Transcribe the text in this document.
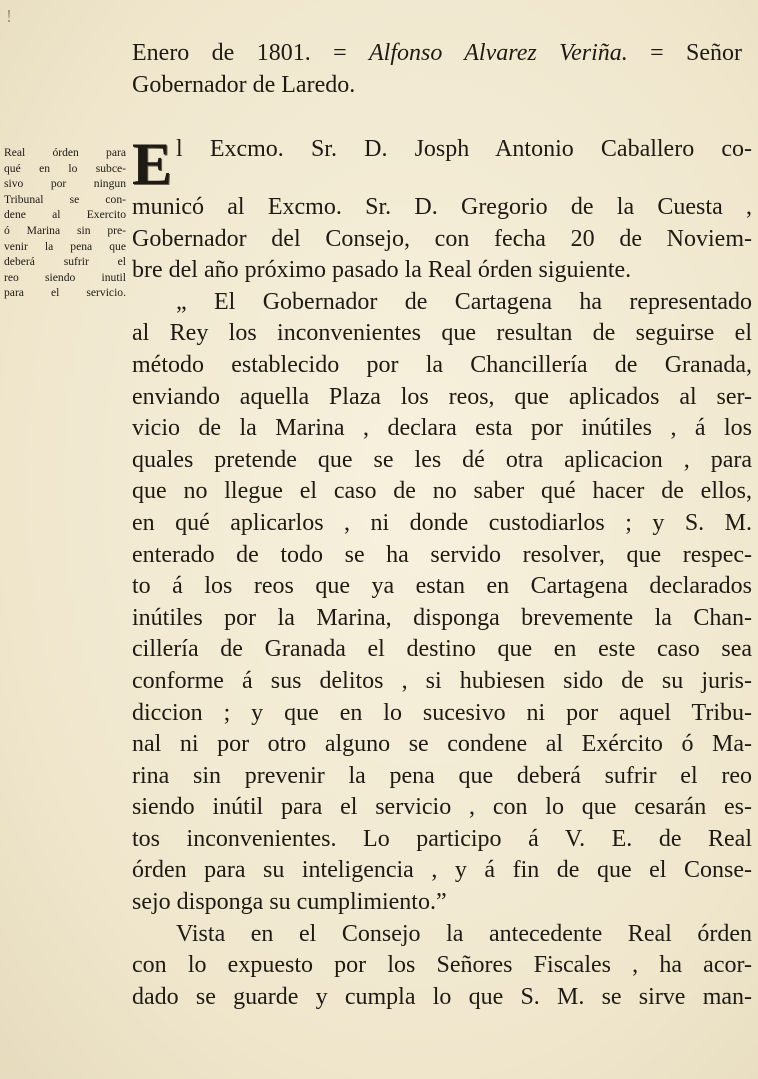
!
Enero de 1801. = Alfonso Alvarez Veriña. = Señor
Gobernador de Laredo.
Real órden para
qué en lo subce-
sivo por ningun
Tribunal se con-
dene al Exercito
ó Marina sin pre-
venir la pena que
deberá sufrir el
reo siendo inutil
para el servicio.
E l Excmo. Sr. D. Josph Antonio Caballero co-
municó al Excmo. Sr. D. Gregorio de la Cuesta ,
Gobernador del Consejo, con fecha 20 de Noviem-
bre del año próximo pasado la Real órden siguiente.
„ El Gobernador de Cartagena ha representado
al Rey los inconvenientes que resultan de seguirse el
método establecido por la Chancillería de Granada,
enviando aquella Plaza los reos, que aplicados al ser-
vicio de la Marina , declara esta por inútiles , á los
quales pretende que se les dé otra aplicacion , para
que no llegue el caso de no saber qué hacer de ellos,
en qué aplicarlos , ni donde custodiarlos ; y S. M.
enterado de todo se ha servido resolver, que respec-
to á los reos que ya estan en Cartagena declarados
inútiles por la Marina, disponga brevemente la Chan-
cillería de Granada el destino que en este caso sea
conforme á sus delitos , si hubiesen sido de su juris-
diccion ; y que en lo sucesivo ni por aquel Tribu-
nal ni por otro alguno se condene al Exército ó Ma-
rina sin prevenir la pena que deberá sufrir el reo
siendo inútil para el servicio , con lo que cesarán es-
tos inconvenientes. Lo participo á V. E. de Real
órden para su inteligencia , y á fin de que el Conse-
sejo disponga su cumplimiento.”
Vista en el Consejo la antecedente Real órden
con lo expuesto por los Señores Fiscales , ha acor-
dado se guarde y cumpla lo que S. M. se sirve man-
